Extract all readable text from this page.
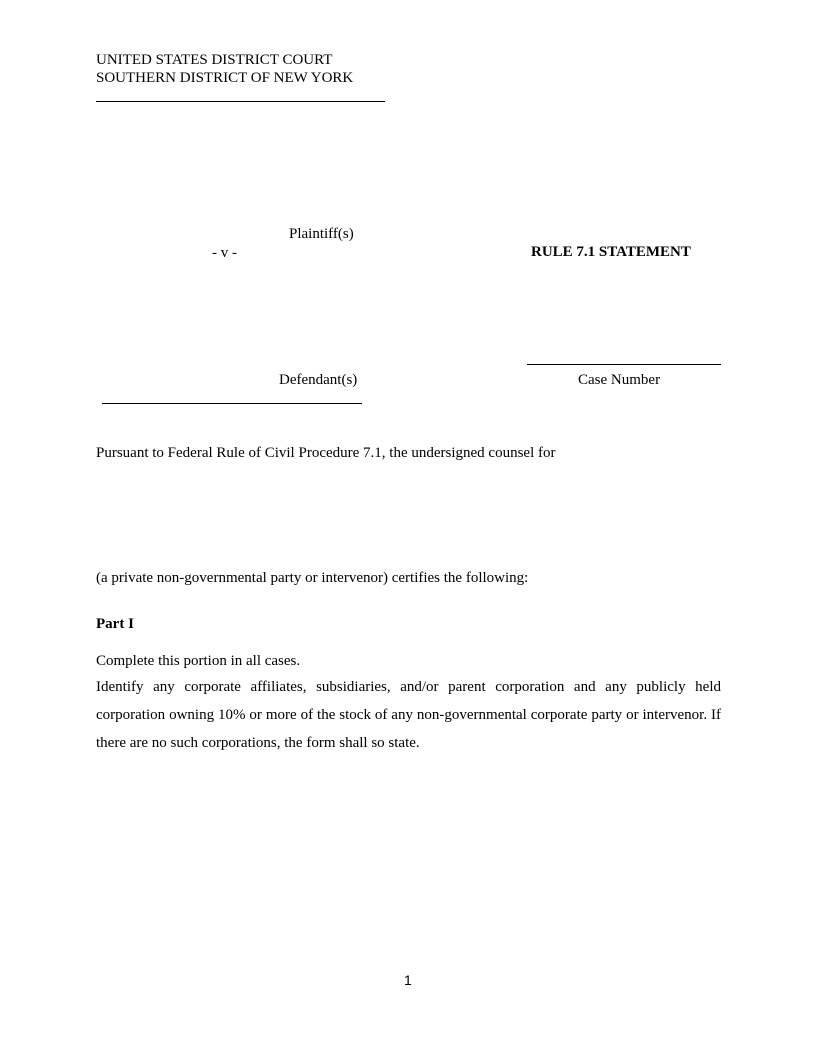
UNITED STATES DISTRICT COURT
SOUTHERN DISTRICT OF NEW YORK
Plaintiff(s)
- v -	RULE 7.1 STATEMENT
Case Number
Defendant(s)
Pursuant to Federal Rule of Civil Procedure 7.1, the undersigned counsel for
(a private non-governmental party or intervenor) certifies the following:
Part I
Complete this portion in all cases.
Identify any corporate affiliates, subsidiaries, and/or parent corporation and any publicly held corporation owning 10% or more of the stock of any non-governmental corporate party or intervenor. If there are no such corporations, the form shall so state.
1
